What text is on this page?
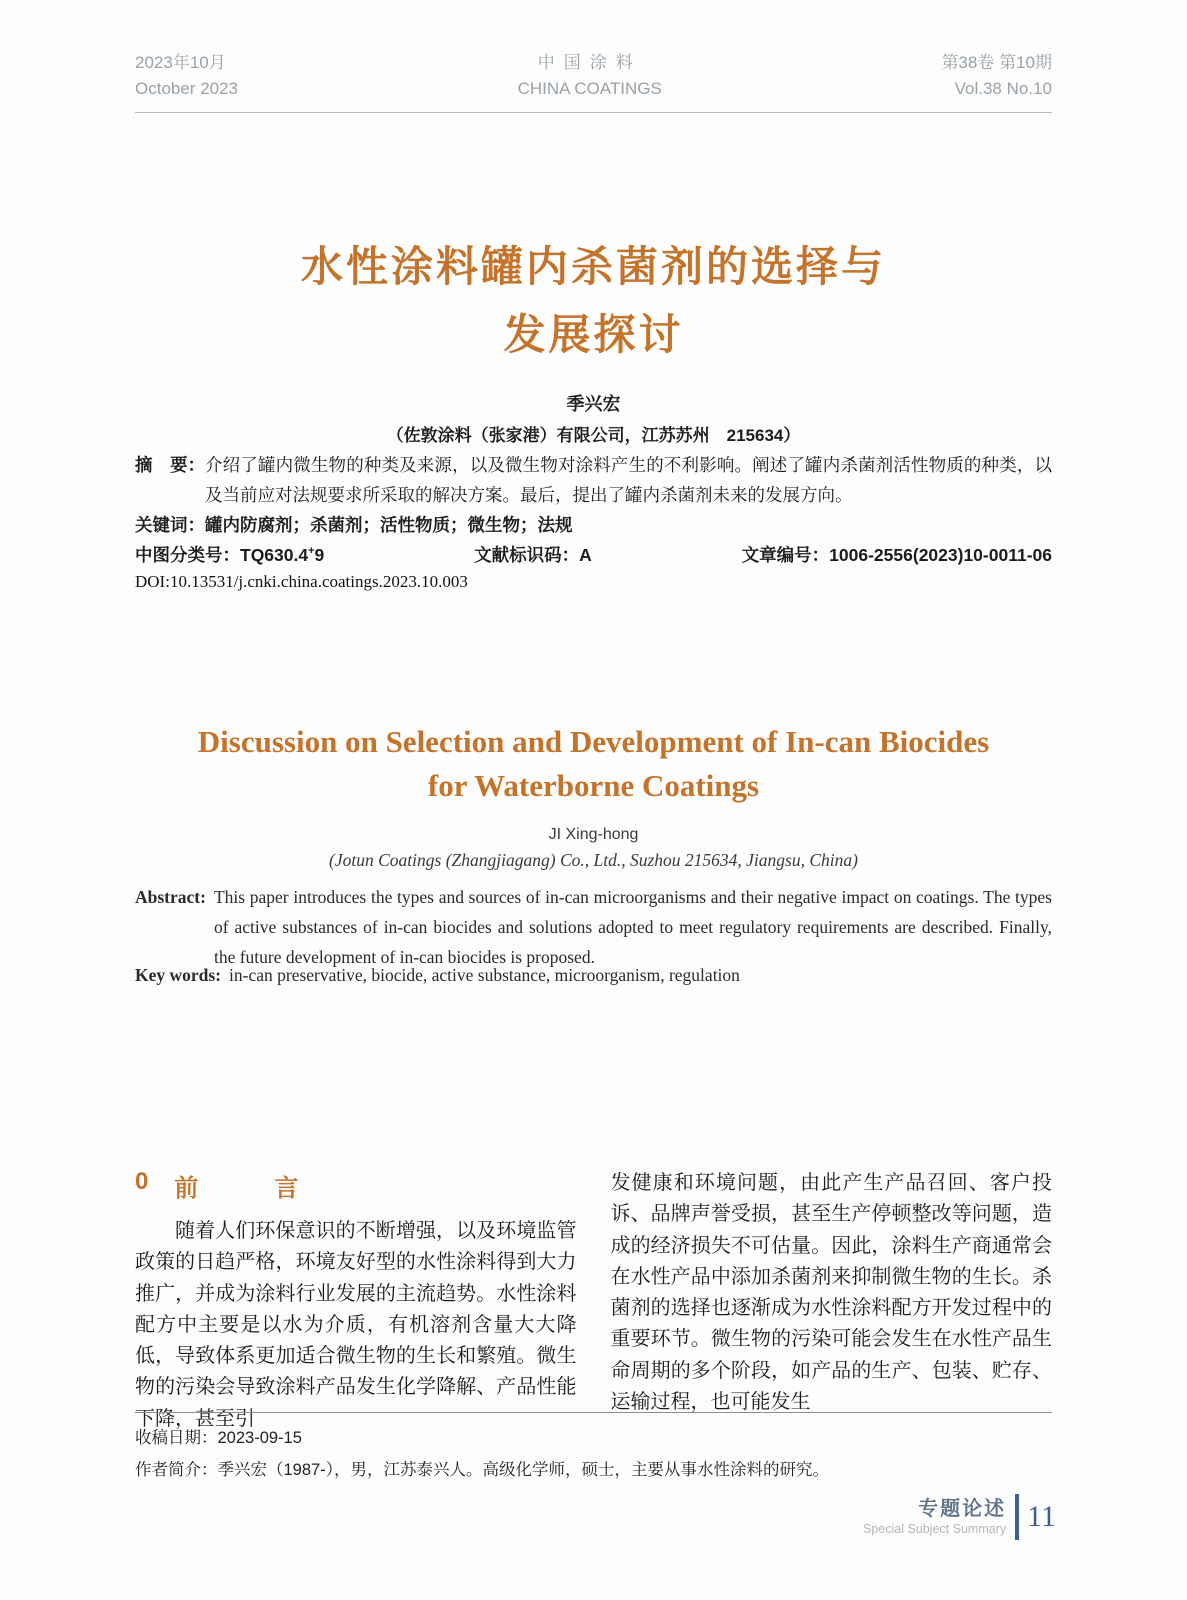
2023年10月
October 2023
中国涂料
CHINA COATINGS
第38卷 第10期
Vol.38 No.10
水性涂料罐内杀菌剂的选择与
发展探讨
季兴宏
（佐敦涂料（张家港）有限公司，江苏苏州　215634）
摘　要： 介绍了罐内微生物的种类及来源，以及微生物对涂料产生的不利影响。阐述了罐内杀菌剂活性物质的种类，以及当前应对法规要求所采取的解决方案。最后，提出了罐内杀菌剂未来的发展方向。
关键词： 罐内防腐剂；杀菌剂；活性物质；微生物；法规
中图分类号：TQ630.4+9	文献标识码：A	文章编号：1006-2556(2023)10-0011-06
DOI:10.13531/j.cnki.china.coatings.2023.10.003
Discussion on Selection and Development of In-can Biocides for Waterborne Coatings
JI Xing-hong
(Jotun Coatings (Zhangjiagang) Co., Ltd., Suzhou 215634, Jiangsu, China)
Abstract: This paper introduces the types and sources of in-can microorganisms and their negative impact on coatings. The types of active substances of in-can biocides and solutions adopted to meet regulatory requirements are described. Finally, the future development of in-can biocides is proposed.
Key words: in-can preservative, biocide, active substance, microorganism, regulation
0 前　言

随着人们环保意识的不断增强，以及环境监管政策的日趋严格，环境友好型的水性涂料得到大力推广，并成为涂料行业发展的主流趋势。水性涂料配方中主要是以水为介质，有机溶剂含量大大降低，导致体系更加适合微生物的生长和繁殖。微生物的污染会导致涂料产品发生化学降解、产品性能下降，甚至引

发健康和环境问题，由此产生产品召回、客户投诉、品牌声誉受损，甚至生产停顿整改等问题，造成的经济损失不可估量。因此，涂料生产商通常会在水性产品中添加杀菌剂来抑制微生物的生长。杀菌剂的选择也逐渐成为水性涂料配方开发过程中的重要环节。微生物的污染可能会发生在水性产品生命周期的多个阶段，如产品的生产、包装、贮存、运输过程，也可能发生

收稿日期：2023-09-15
作者简介：季兴宏（1987-），男，江苏泰兴人。高级化学师，硕士，主要从事水性涂料的研究。
专题论述
Special Subject Summary 11
